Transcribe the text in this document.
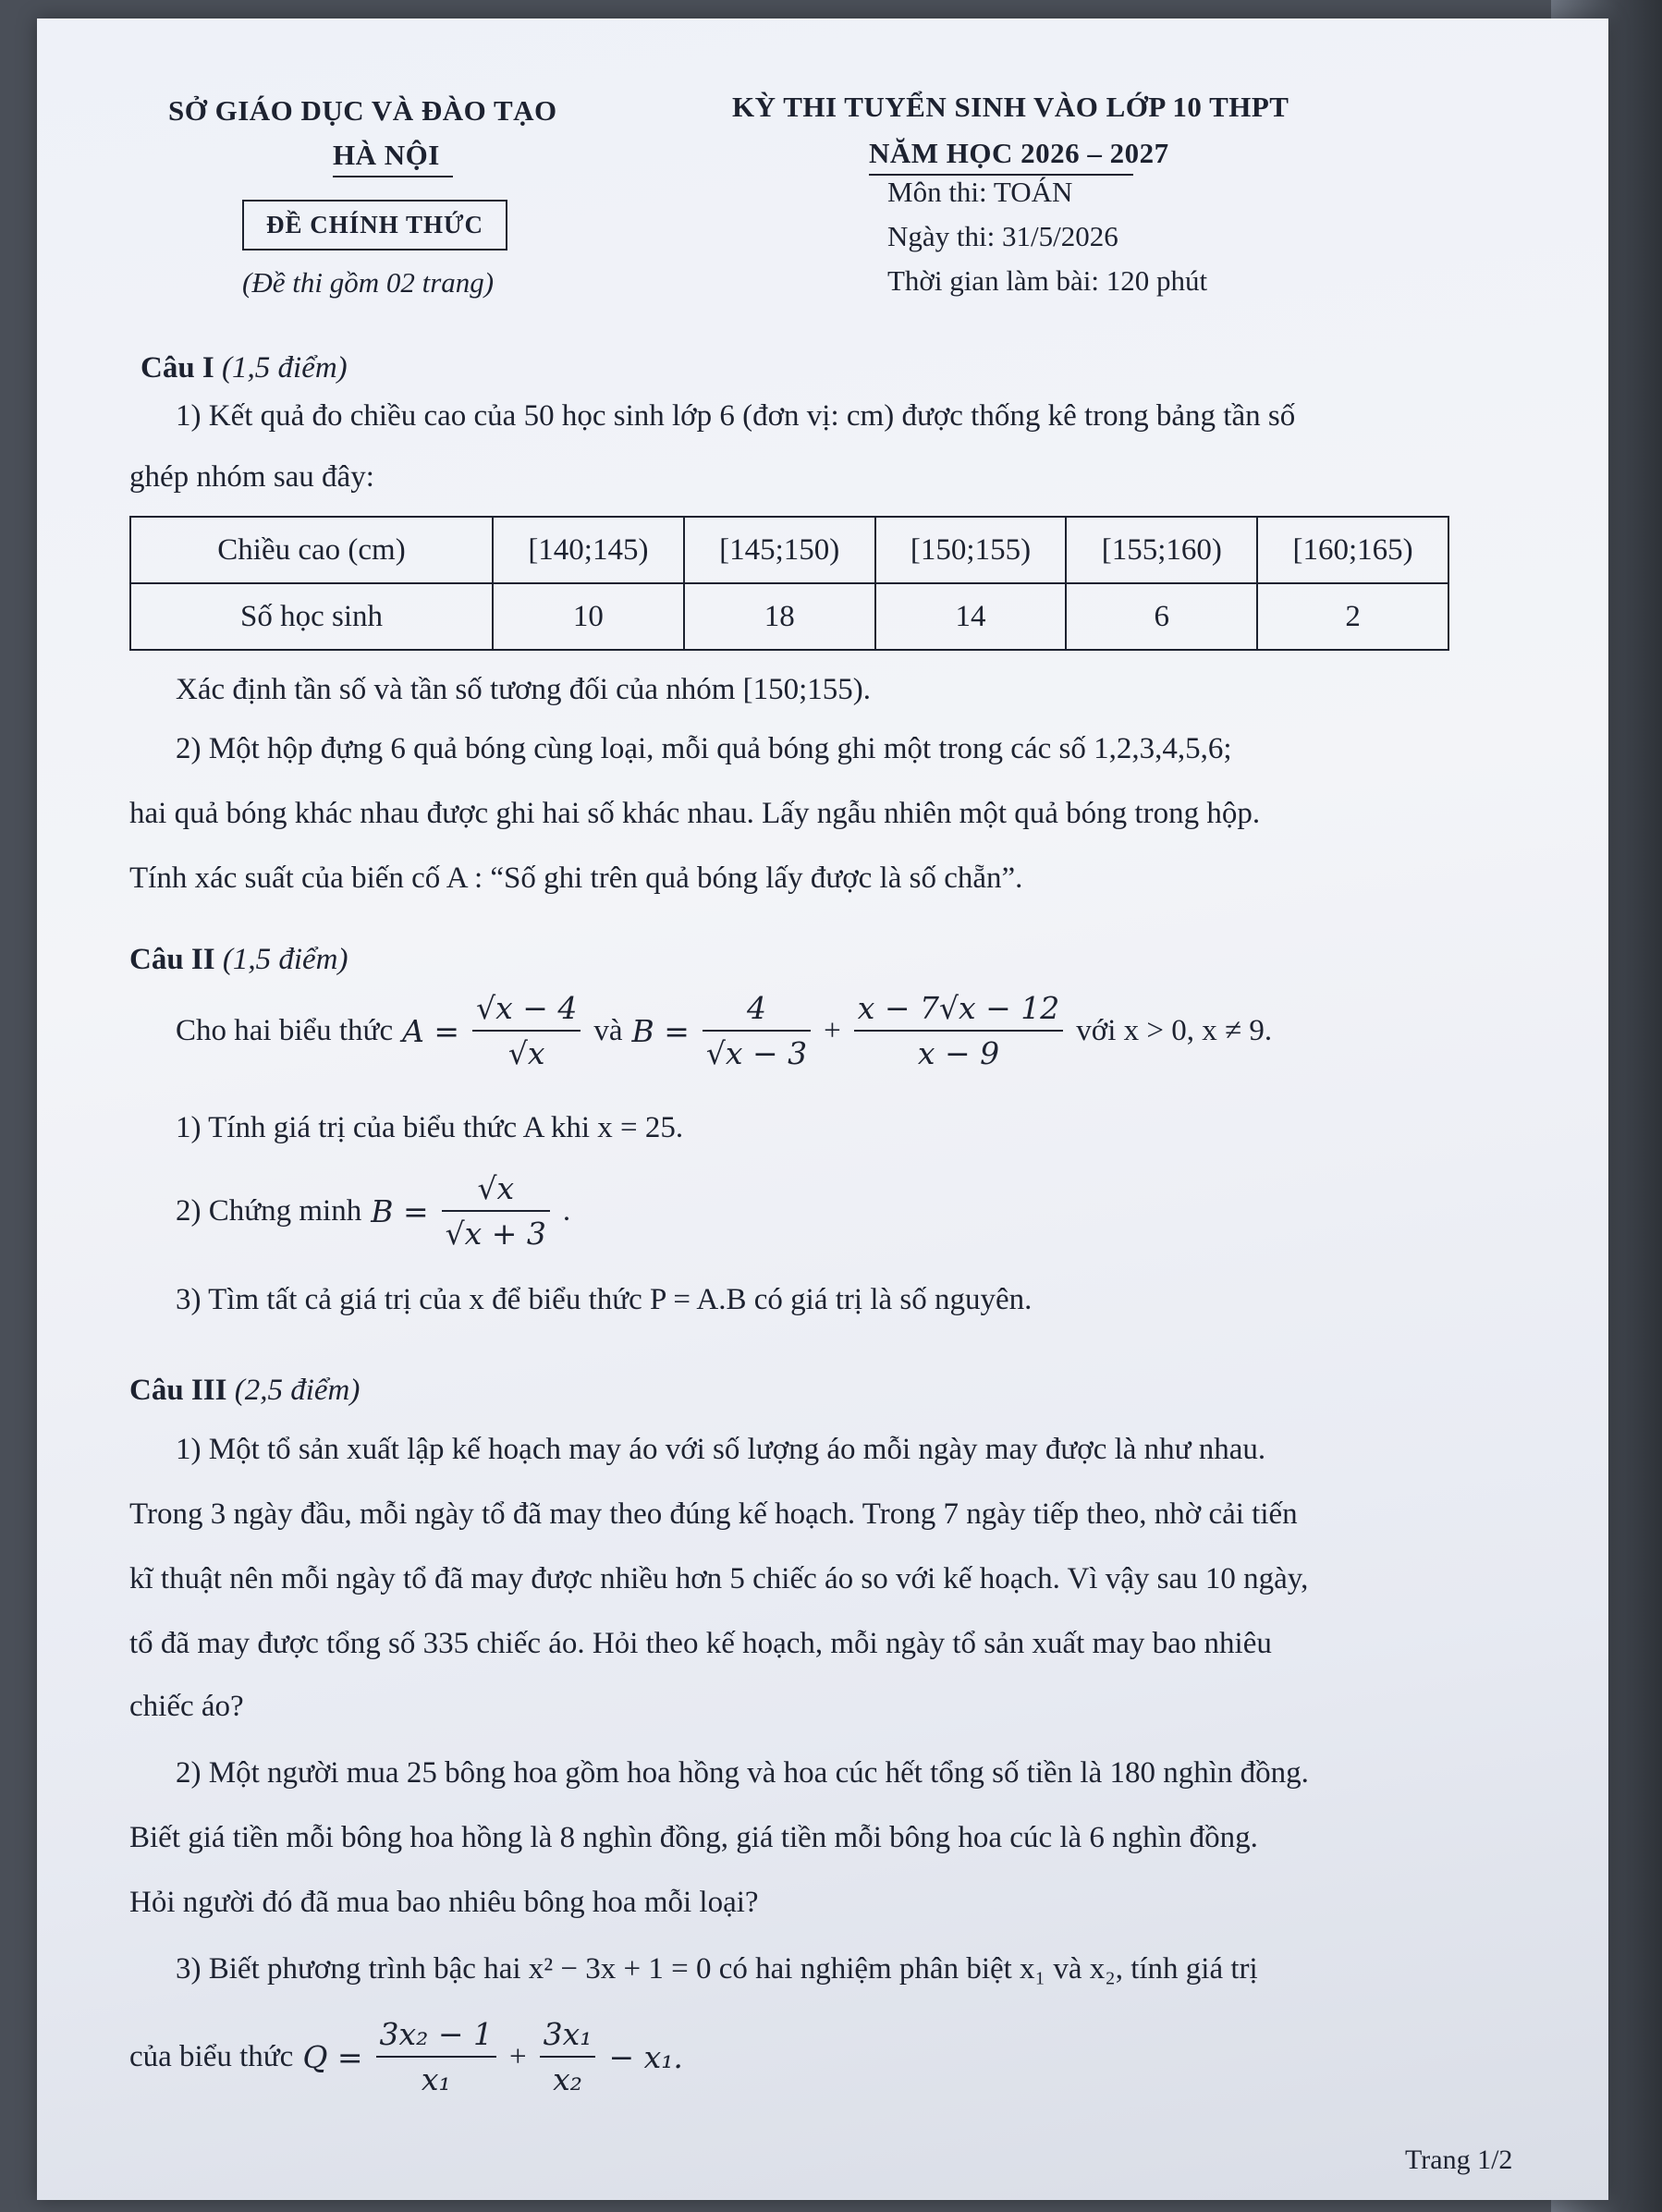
SỞ GIÁO DỤC VÀ ĐÀO TẠO
HÀ NỘI
ĐỀ CHÍNH THỨC
(Đề thi gồm 02 trang)
KỲ THI TUYỂN SINH VÀO LỚP 10 THPT
NĂM HỌC 2026 – 2027
Môn thi: TOÁN
Ngày thi: 31/5/2026
Thời gian làm bài: 120 phút
Câu I (1,5 điểm)
1) Kết quả đo chiều cao của 50 học sinh lớp 6 (đơn vị: cm) được thống kê trong bảng tần số
ghép nhóm sau đây:
Chiều cao (cm)	[140;145)	[145;150)	[150;155)	[155;160)	[160;165)
Số học sinh	10	18	14	6	2
Xác định tần số và tần số tương đối của nhóm [150;155).
2) Một hộp đựng 6 quả bóng cùng loại, mỗi quả bóng ghi một trong các số 1,2,3,4,5,6;
hai quả bóng khác nhau được ghi hai số khác nhau. Lấy ngẫu nhiên một quả bóng trong hộp.
Tính xác suất của biến cố A : “Số ghi trên quả bóng lấy được là số chẵn”.
Câu II (1,5 điểm)
Cho hai biểu thức $A = \frac{√x - 4}{√x}$ và $B = \frac{4}{√x - 3} + \frac{x - 7√x - 12}{x - 9}$ với x > 0, x ≠ 9.
1) Tính giá trị của biểu thức A khi x = 25.
2) Chứng minh $B = \frac{√x}{√x + 3}$ .
3) Tìm tất cả giá trị của x để biểu thức P = A.B có giá trị là số nguyên.
Câu III (2,5 điểm)
1) Một tổ sản xuất lập kế hoạch may áo với số lượng áo mỗi ngày may được là như nhau.
Trong 3 ngày đầu, mỗi ngày tổ đã may theo đúng kế hoạch. Trong 7 ngày tiếp theo, nhờ cải tiến
kĩ thuật nên mỗi ngày tổ đã may được nhiều hơn 5 chiếc áo so với kế hoạch. Vì vậy sau 10 ngày,
tổ đã may được tổng số 335 chiếc áo. Hỏi theo kế hoạch, mỗi ngày tổ sản xuất may bao nhiêu
chiếc áo?
2) Một người mua 25 bông hoa gồm hoa hồng và hoa cúc hết tổng số tiền là 180 nghìn đồng.
Biết giá tiền mỗi bông hoa hồng là 8 nghìn đồng, giá tiền mỗi bông hoa cúc là 6 nghìn đồng.
Hỏi người đó đã mua bao nhiêu bông hoa mỗi loại?
3) Biết phương trình bậc hai x² − 3x + 1 = 0 có hai nghiệm phân biệt x₁ và x₂, tính giá trị
của biểu thức $Q = \frac{\text{3x₂ − 1}}{\text{x₁}} + \frac{\text{3x₁}}{\text{x₂}} - x_1$.
Trang 1/2
